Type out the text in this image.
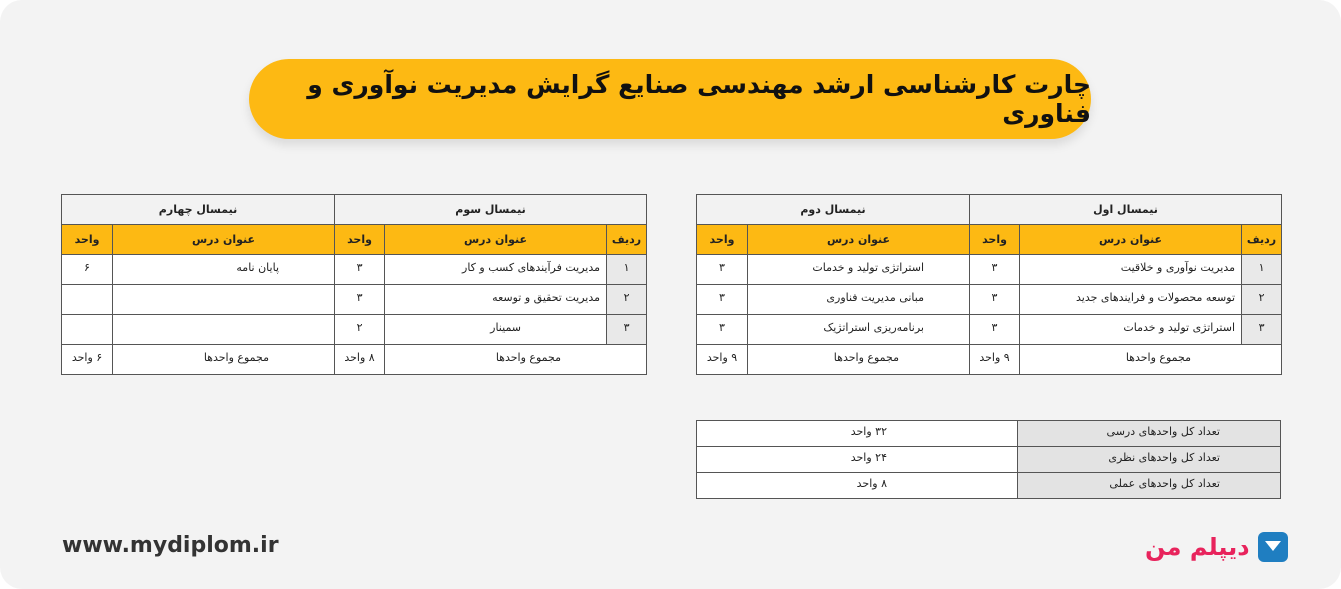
چارت کارشناسی ارشد مهندسی صنایع گرایش مدیریت نوآوری و فناوری
نیمسال اول			نیمسال دوم	
ردیف	عنوان درس	واحد	عنوان درس	واحد
۱	مدیریت نوآوری و خلاقیت	۳	استراتژی تولید و خدمات	۳
۲	توسعه محصولات و فرایندهای جدید	۳	مبانی مدیریت فناوری	۳
۳	استراتژی تولید و خدمات	۳	برنامه‌ریزی استراتژیک	۳
مجموع واحدها		۹ واحد	مجموع واحدها	۹ واحد
نیمسال سوم			نیمسال چهارم	
ردیف	عنوان درس	واحد	عنوان درس	واحد
۱	مدیریت فرآیندهای کسب و کار	۳	پایان نامه	۶
۲	مدیریت تحقیق و توسعه	۳		
۳	سمینار	۲		
مجموع واحدها		۸ واحد	مجموع واحدها	۶ واحد
تعداد کل واحدهای درسی	۳۲ واحد
تعداد کل واحدهای نظری	۲۴ واحد
تعداد کل واحدهای عملی	۸ واحد
www.mydiplom.ir	دیپلم من
